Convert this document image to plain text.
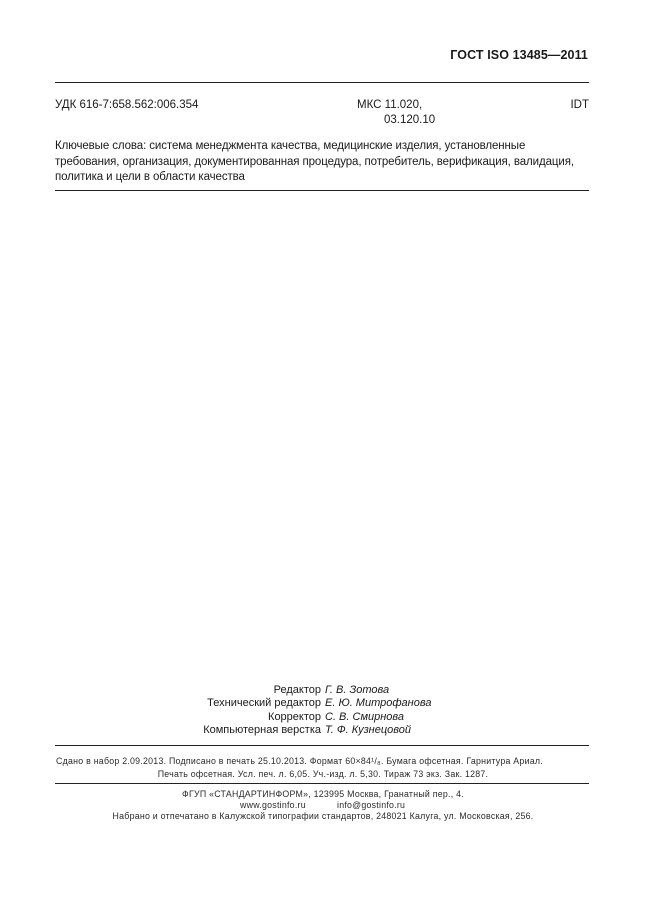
ГОСТ ISO 13485—2011
УДК 616-7:658.562:006.354	МКС 11.020,
03.120.10
IDT
Ключевые слова: система менеджмента качества, медицинские изделия, установленные требования, организация, документированная процедура, потребитель, верификация, валидация, политика и цели в области качества
Редактор Г. В. Зотова
Технический редактор Е. Ю. Митрофанова
Корректор С. В. Смирнова
Компьютерная верстка Т. Ф. Кузнецовой
Сдано в набор 2.09.2013. Подписано в печать 25.10.2013. Формат 60×84¹/₈. Бумага офсетная. Гарнитура Ариал.
Печать офсетная. Усл. печ. л. 6,05. Уч.-изд. л. 5,30. Тираж 73 экз. Зак. 1287.
ФГУП «СТАНДАРТИНФОРМ», 123995 Москва, Гранатный пер., 4.
www.gostinfo.ru	info@gostinfo.ru
Набрано и отпечатано в Калужской типографии стандартов, 248021 Калуга, ул. Московская, 256.
